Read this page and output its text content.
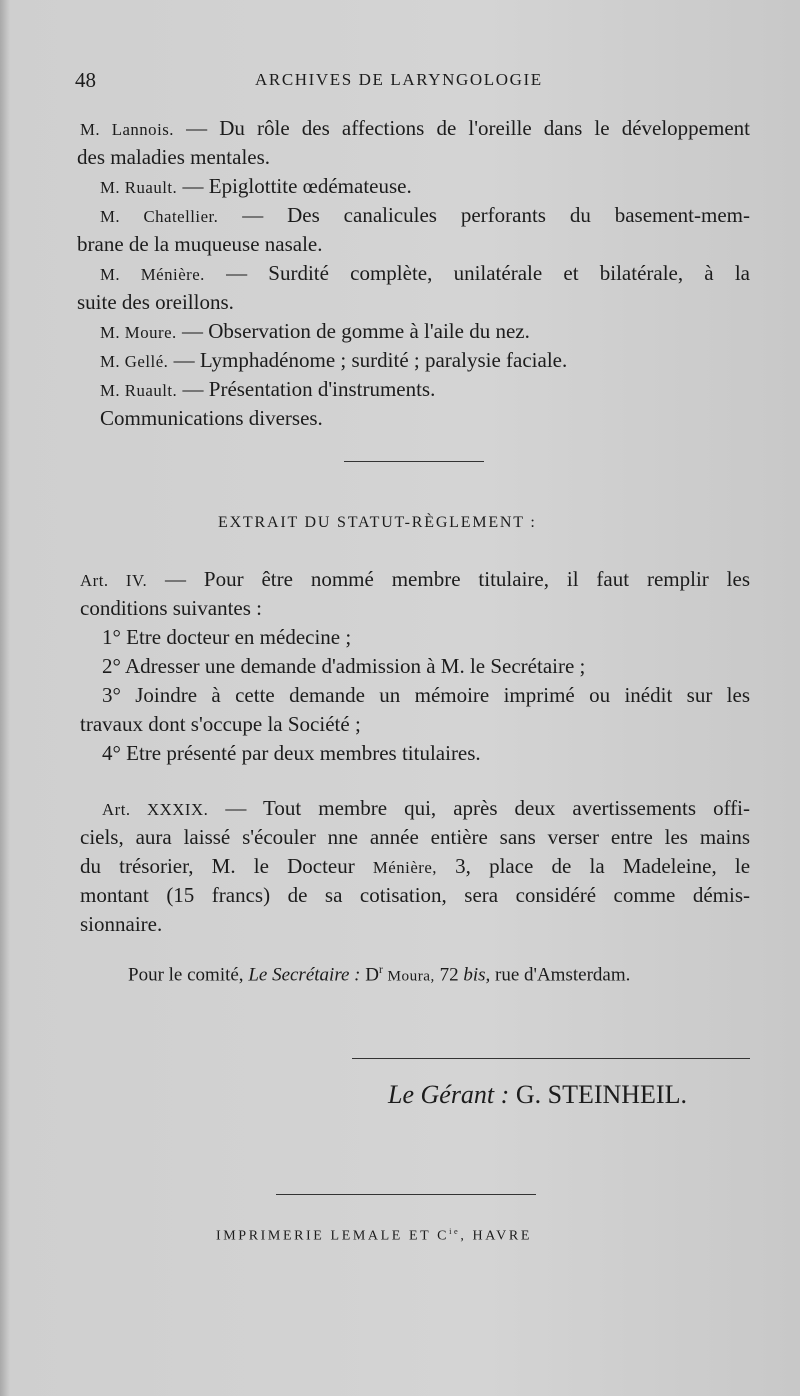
48	ARCHIVES DE LARYNGOLOGIE
M. Lannois. — Du rôle des affections de l'oreille dans le développement
des maladies mentales.
M. Ruault. — Epiglottite œdémateuse.
M. Chatellier. — Des canalicules perforants du basement-mem-
brane de la muqueuse nasale.
M. Ménière. — Surdité complète, unilatérale et bilatérale, à la
suite des oreillons.
M. Moure. — Observation de gomme à l'aile du nez.
M. Gellé. — Lymphadénome ; surdité ; paralysie faciale.
M. Ruault. — Présentation d'instruments.
Communications diverses.
EXTRAIT DU STATUT-RÈGLEMENT :
Art. IV. — Pour être nommé membre titulaire, il faut remplir les
conditions suivantes :
1° Etre docteur en médecine ;
2° Adresser une demande d'admission à M. le Secrétaire ;
3° Joindre à cette demande un mémoire imprimé ou inédit sur les
travaux dont s'occupe la Société ;
4° Etre présenté par deux membres titulaires.
Art. XXXIX. — Tout membre qui, après deux avertissements offi-
ciels, aura laissé s'écouler nne année entière sans verser entre les mains
du trésorier, M. le Docteur Ménière, 3, place de la Madeleine, le
montant (15 francs) de sa cotisation, sera considéré comme démis-
sionnaire.
Pour le comité, Le Secrétaire : $D^r$ Moura, 72 bis, rue d'Amsterdam.
Le Gérant : G. STEINHEIL.
IMPRIMERIE LEMALE ET $C^{ie}$, HAVRE
